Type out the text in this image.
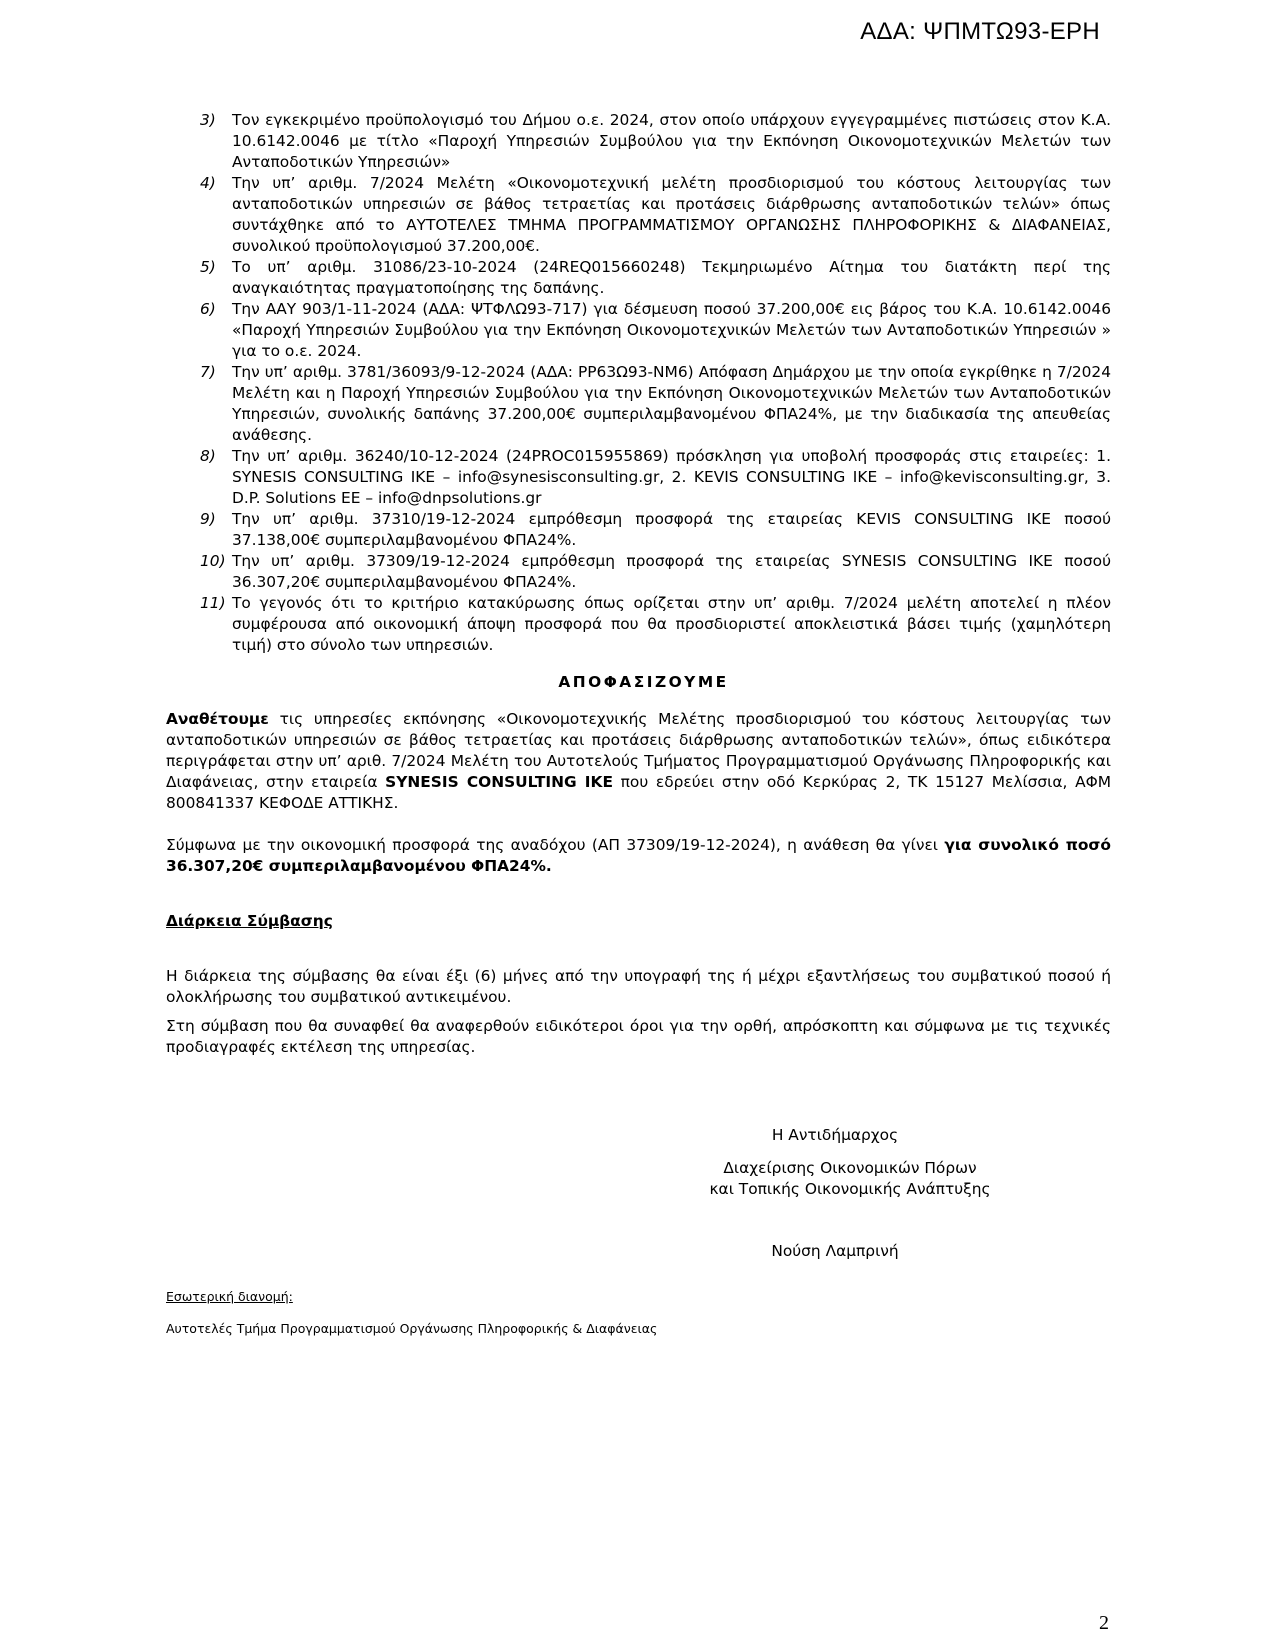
ΑΔΑ: ΨΠΜΤΩ93-ΕΡΗ
3)	Τον εγκεκριμένο προϋπολογισμό του Δήμου ο.ε. 2024, στον οποίο υπάρχουν εγγεγραμμένες πιστώσεις στον Κ.Α. 10.6142.0046 με τίτλο «Παροχή Υπηρεσιών Συμβούλου για την Εκπόνηση Οικονομοτεχνικών Μελετών των Ανταποδοτικών Υπηρεσιών»
4)	Την υπ’ αριθμ. 7/2024 Μελέτη «Οικονομοτεχνική μελέτη προσδιορισμού του κόστους λειτουργίας των ανταποδοτικών υπηρεσιών σε βάθος τετραετίας και προτάσεις διάρθρωσης ανταποδοτικών τελών» όπως συντάχθηκε από το ΑΥΤΟΤΕΛΕΣ ΤΜΗΜΑ ΠΡΟΓΡΑΜΜΑΤΙΣΜΟΥ ΟΡΓΑΝΩΣΗΣ ΠΛΗΡΟΦΟΡΙΚΗΣ & ΔΙΑΦΑΝΕΙΑΣ, συνολικού προϋπολογισμού 37.200,00€.
5)	Το υπ’ αριθμ. 31086/23-10-2024 (24REQ015660248) Τεκμηριωμένο Αίτημα του διατάκτη περί της αναγκαιότητας πραγματοποίησης της δαπάνης.
6)	Την ΑΑΥ 903/1-11-2024 (ΑΔΑ: ΨΤΦΛΩ93-717) για δέσμευση ποσού 37.200,00€ εις βάρος του Κ.Α. 10.6142.0046 «Παροχή Υπηρεσιών Συμβούλου για την Εκπόνηση Οικονομοτεχνικών Μελετών των Ανταποδοτικών Υπηρεσιών » για το ο.ε. 2024.
7)	Την υπ’ αριθμ. 3781/36093/9-12-2024 (ΑΔΑ: ΡΡ63Ω93-ΝΜ6) Απόφαση Δημάρχου με την οποία εγκρίθηκε η 7/2024 Μελέτη και η Παροχή Υπηρεσιών Συμβούλου για την Εκπόνηση Οικονομοτεχνικών Μελετών των Ανταποδοτικών Υπηρεσιών, συνολικής δαπάνης 37.200,00€ συμπεριλαμβανομένου ΦΠΑ24%, με την διαδικασία της απευθείας ανάθεσης.
8)	Την υπ’ αριθμ. 36240/10-12-2024 (24PROC015955869) πρόσκληση για υποβολή προσφοράς στις εταιρείες: 1. SYNESIS CONSULTING IKE – info@synesisconsulting.gr, 2. KEVIS CONSULTING IKE – info@kevisconsulting.gr, 3. D.P. Solutions EE – info@dnpsolutions.gr
9)	Την υπ’ αριθμ. 37310/19-12-2024 εμπρόθεσμη προσφορά της εταιρείας KEVIS CONSULTING IKE ποσού 37.138,00€ συμπεριλαμβανομένου ΦΠΑ24%.
10) Την υπ’ αριθμ. 37309/19-12-2024 εμπρόθεσμη προσφορά της εταιρείας SYNESIS CONSULTING IKE ποσού 36.307,20€ συμπεριλαμβανομένου ΦΠΑ24%.
11) Το γεγονός ότι το κριτήριο κατακύρωσης όπως ορίζεται στην υπ’ αριθμ. 7/2024 μελέτη αποτελεί η πλέον συμφέρουσα από οικονομική άποψη προσφορά που θα προσδιοριστεί αποκλειστικά βάσει τιμής (χαμηλότερη τιμή) στο σύνολο των υπηρεσιών.
ΑΠΟΦΑΣΙΖΟΥΜΕ

Αναθέτουμε τις υπηρεσίες εκπόνησης «Οικονομοτεχνικής Μελέτης προσδιορισμού του κόστους λειτουργίας των ανταποδοτικών υπηρεσιών σε βάθος τετραετίας και προτάσεις διάρθρωσης ανταποδοτικών τελών», όπως ειδικότερα περιγράφεται στην υπ’ αριθ. 7/2024 Μελέτη του Αυτοτελούς Τμήματος Προγραμματισμού Οργάνωσης Πληροφορικής και Διαφάνειας, στην εταιρεία SYNESIS CONSULTING IKE που εδρεύει στην οδό Κερκύρας 2, ΤΚ 15127 Μελίσσια, ΑΦΜ 800841337 ΚΕΦΟΔΕ ΑΤΤΙΚΗΣ.

Σύμφωνα με την οικονομική προσφορά της αναδόχου (ΑΠ 37309/19-12-2024), η ανάθεση θα γίνει για συνολικό ποσό 36.307,20€ συμπεριλαμβανομένου ΦΠΑ24%.

Διάρκεια Σύμβασης

Η διάρκεια της σύμβασης θα είναι έξι (6) μήνες από την υπογραφή της ή μέχρι εξαντλήσεως του συμβατικού ποσού ή ολοκλήρωσης του συμβατικού αντικειμένου.

Στη σύμβαση που θα συναφθεί θα αναφερθούν ειδικότεροι όροι για την ορθή, απρόσκοπτη και σύμφωνα με τις τεχνικές προδιαγραφές εκτέλεση της υπηρεσίας.

Η Αντιδήμαρχος
Διαχείρισης Οικονομικών Πόρων
και Τοπικής Οικονομικής Ανάπτυξης
Νούση Λαμπρινή
Εσωτερική διανομή:
Αυτοτελές Τμήμα Προγραμματισμού Οργάνωσης Πληροφορικής & Διαφάνειας
2
